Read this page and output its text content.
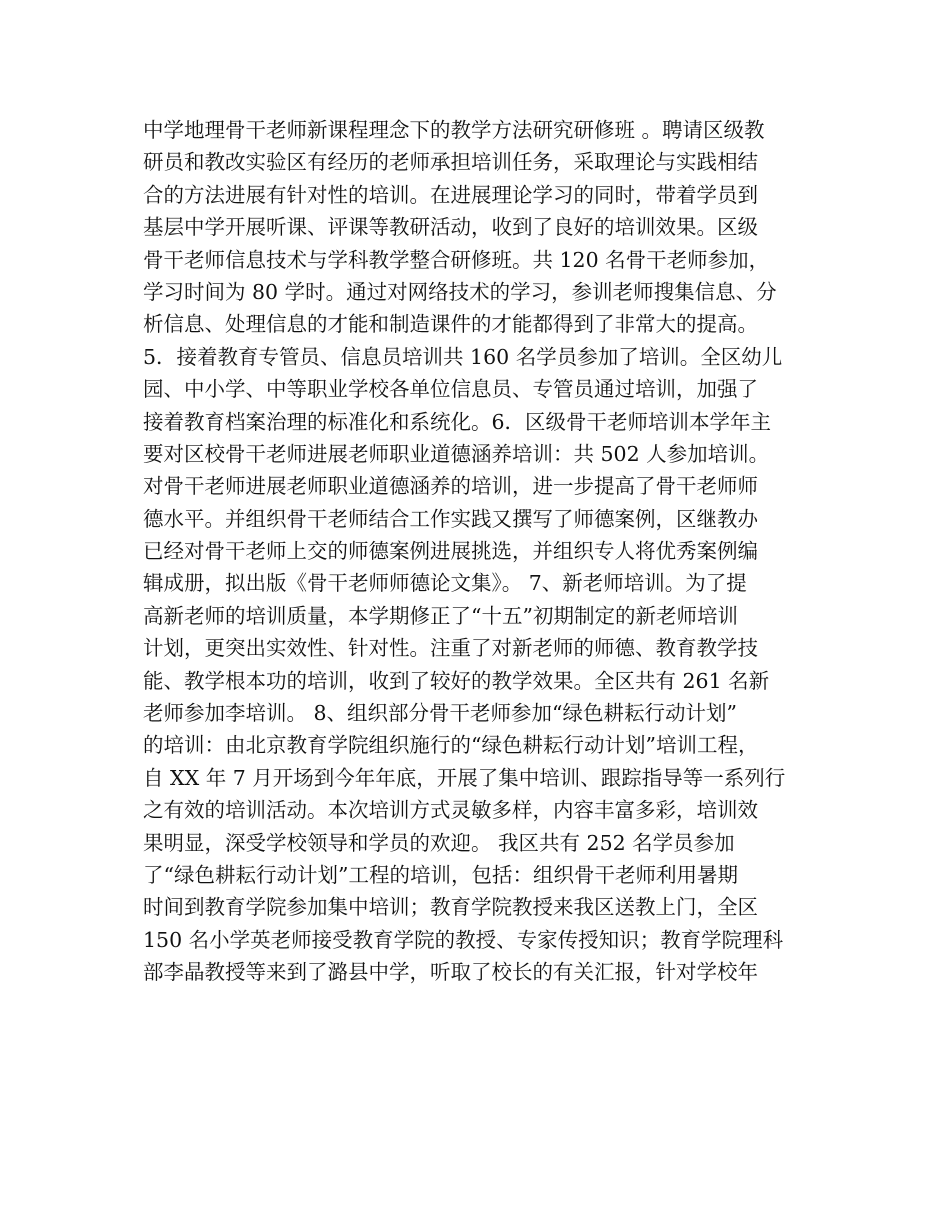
中学地理骨干老师新课程理念下的教学方法研究研修班 。聘请区级教
研员和教改实验区有经历的老师承担培训任务，采取理论与实践相结
合的方法进展有针对性的培训。在进展理论学习的同时，带着学员到
基层中学开展听课、评课等教研活动，收到了良好的培训效果。区级
骨干老师信息技术与学科教学整合研修班。共 120 名骨干老师参加，
学习时间为 80 学时。通过对网络技术的学习，参训老师搜集信息、分
析信息、处理信息的才能和制造课件的才能都得到了非常大的提高。
5．接着教育专管员、信息员培训共 160 名学员参加了培训。全区幼儿
园、中小学、中等职业学校各单位信息员、专管员通过培训，加强了
接着教育档案治理的标准化和系统化。6．区级骨干老师培训本学年主
要对区校骨干老师进展老师职业道德涵养培训：共 502 人参加培训。
对骨干老师进展老师职业道德涵养的培训，进一步提高了骨干老师师
德水平。并组织骨干老师结合工作实践又撰写了师德案例，区继教办
已经对骨干老师上交的师德案例进展挑选，并组织专人将优秀案例编
辑成册，拟出版《骨干老师师德论文集》。 7、新老师培训。为了提
高新老师的培训质量，本学期修正了“十五”初期制定的新老师培训
计划，更突出实效性、针对性。注重了对新老师的师德、教育教学技
能、教学根本功的培训，收到了较好的教学效果。全区共有 261 名新
老师参加李培训。 8、组织部分骨干老师参加“绿色耕耘行动计划”
的培训：由北京教育学院组织施行的“绿色耕耘行动计划”培训工程，
自 XX 年 7 月开场到今年年底，开展了集中培训、跟踪指导等一系列行
之有效的培训活动。本次培训方式灵敏多样，内容丰富多彩，培训效
果明显，深受学校领导和学员的欢迎。 我区共有 252 名学员参加
了“绿色耕耘行动计划”工程的培训，包括：组织骨干老师利用暑期
时间到教育学院参加集中培训；教育学院教授来我区送教上门，全区
150 名小学英老师接受教育学院的教授、专家传授知识；教育学院理科
部李晶教授等来到了潞县中学，听取了校长的有关汇报，针对学校年
